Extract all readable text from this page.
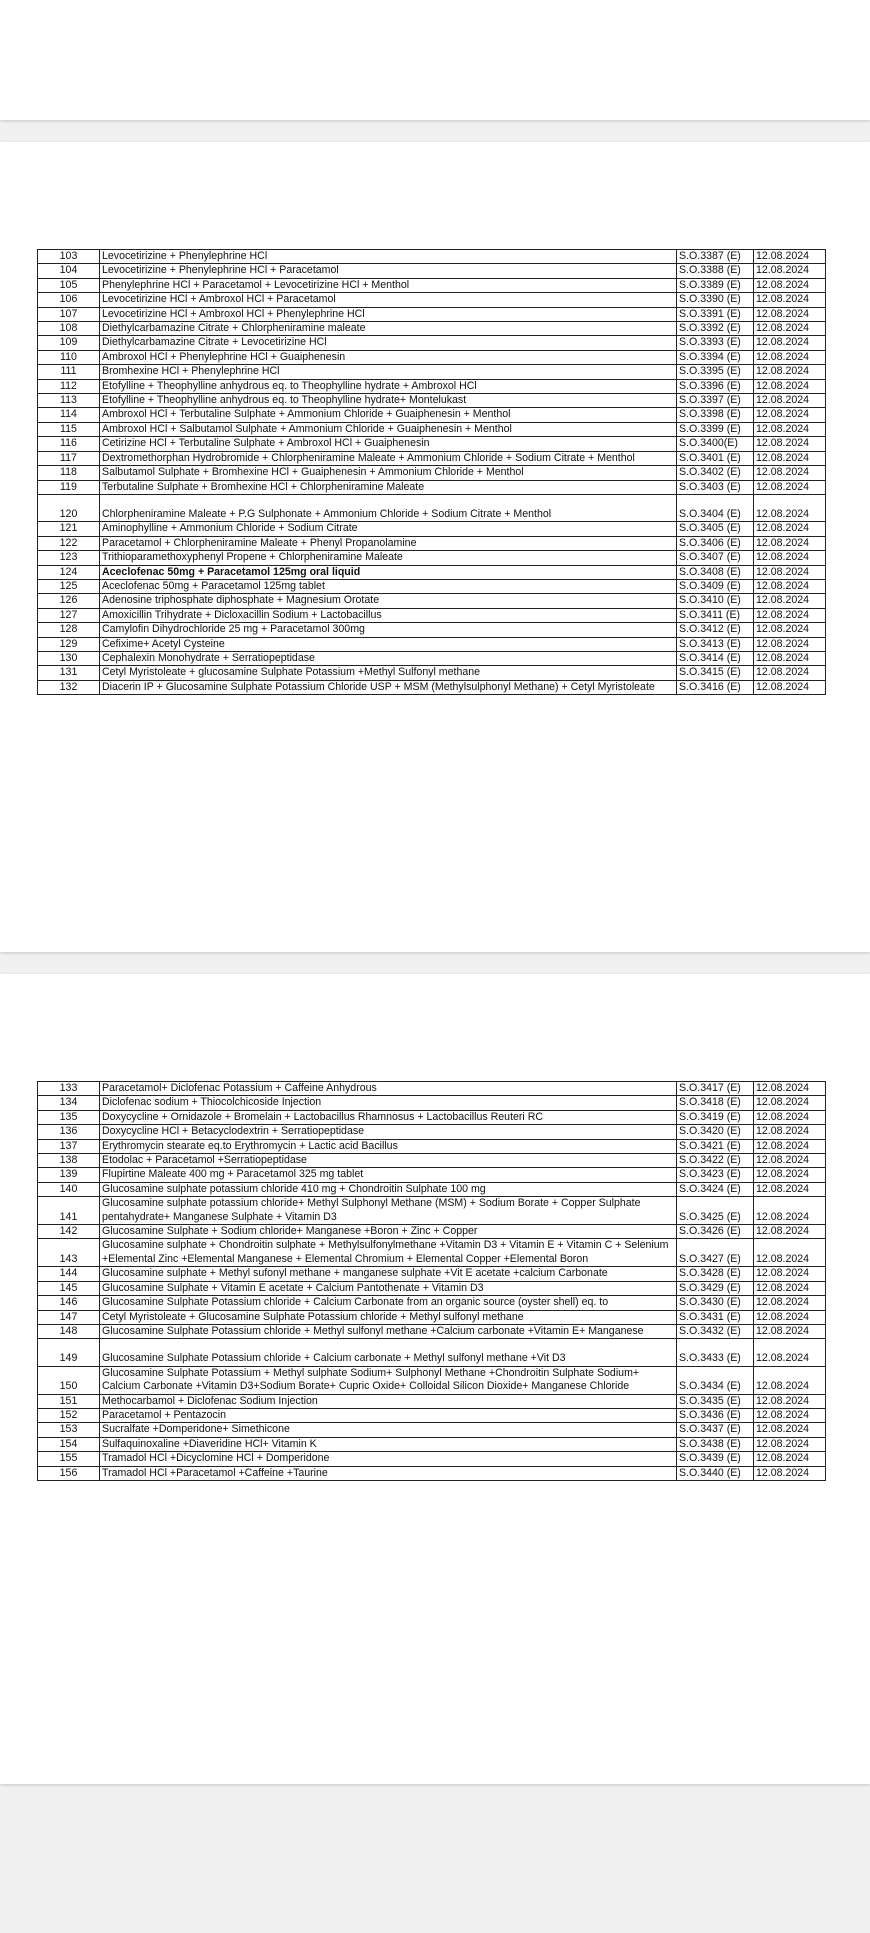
103	Levocetirizine + Phenylephrine HCl	S.O.3387 (E)	12.08.2024
104	Levocetirizine + Phenylephrine HCl + Paracetamol	S.O.3388 (E)	12.08.2024
105	Phenylephrine HCl + Paracetamol + Levocetirizine HCl + Menthol	S.O.3389 (E)	12.08.2024
106	Levocetirizine HCl + Ambroxol HCl + Paracetamol	S.O.3390 (E)	12.08.2024
107	Levocetirizine HCl + Ambroxol HCl + Phenylephrine HCl	S.O.3391 (E)	12.08.2024
108	Diethylcarbamazine Citrate + Chlorpheniramine maleate	S.O.3392 (E)	12.08.2024
109	Diethylcarbamazine Citrate + Levocetirizine HCl	S.O.3393 (E)	12.08.2024
110	Ambroxol HCl + Phenylephrine HCl + Guaiphenesin	S.O.3394 (E)	12.08.2024
111	Bromhexine HCl + Phenylephrine HCl	S.O.3395 (E)	12.08.2024
112	Etofylline + Theophylline anhydrous eq. to Theophylline hydrate + Ambroxol HCl	S.O.3396 (E)	12.08.2024
113	Etofylline + Theophylline anhydrous eq. to Theophylline hydrate+ Montelukast	S.O.3397 (E)	12.08.2024
114	Ambroxol HCl + Terbutaline Sulphate + Ammonium Chloride + Guaiphenesin + Menthol	S.O.3398 (E)	12.08.2024
115	Ambroxol HCl + Salbutamol Sulphate + Ammonium Chloride + Guaiphenesin + Menthol	S.O.3399 (E)	12.08.2024
116	Cetirizine HCl + Terbutaline Sulphate + Ambroxol HCl + Guaiphenesin	S.O.3400(E)	12.08.2024
117	Dextromethorphan Hydrobromide + Chlorpheniramine Maleate + Ammonium Chloride + Sodium Citrate + Menthol	S.O.3401 (E)	12.08.2024
118	Salbutamol Sulphate + Bromhexine HCl + Guaiphenesin + Ammonium Chloride + Menthol	S.O.3402 (E)	12.08.2024
119	Terbutaline Sulphate + Bromhexine HCl + Chlorpheniramine Maleate	S.O.3403 (E)	12.08.2024
120	Chlorpheniramine Maleate + P.G Sulphonate + Ammonium Chloride + Sodium Citrate + Menthol	S.O.3404 (E)	12.08.2024
121	Aminophylline + Ammonium Chloride + Sodium Citrate	S.O.3405 (E)	12.08.2024
122	Paracetamol + Chlorpheniramine Maleate + Phenyl Propanolamine	S.O.3406 (E)	12.08.2024
123	Trithioparamethoxyphenyl Propene + Chlorpheniramine Maleate	S.O.3407 (E)	12.08.2024
124	Aceclofenac 50mg + Paracetamol 125mg oral liquid	S.O.3408 (E)	12.08.2024
125	Aceclofenac 50mg + Paracetamol 125mg tablet	S.O.3409 (E)	12.08.2024
126	Adenosine triphosphate diphosphate + Magnesium Orotate	S.O.3410 (E)	12.08.2024
127	Amoxicillin Trihydrate + Dicloxacillin Sodium + Lactobacillus	S.O.3411 (E)	12.08.2024
128	Camylofin Dihydrochloride 25 mg + Paracetamol 300mg	S.O.3412 (E)	12.08.2024
129	Cefixime+ Acetyl Cysteine	S.O.3413 (E)	12.08.2024
130	Cephalexin Monohydrate + Serratiopeptidase	S.O.3414 (E)	12.08.2024
131	Cetyl Myristoleate + glucosamine Sulphate Potassium +Methyl Sulfonyl methane	S.O.3415 (E)	12.08.2024
132	Diacerin IP + Glucosamine Sulphate Potassium Chloride USP + MSM (Methylsulphonyl Methane) + Cetyl Myristoleate	S.O.3416 (E)	12.08.2024
133	Paracetamol+ Diclofenac Potassium + Caffeine Anhydrous	S.O.3417 (E)	12.08.2024
134	Diclofenac sodium + Thiocolchicoside Injection	S.O.3418 (E)	12.08.2024
135	Doxycycline + Ornidazole + Bromelain + Lactobacillus Rhamnosus + Lactobacillus Reuteri RC	S.O.3419 (E)	12.08.2024
136	Doxycycline HCl + Betacyclodextrin + Serratiopeptidase	S.O.3420 (E)	12.08.2024
137	Erythromycin stearate eq.to Erythromycin + Lactic acid Bacillus	S.O.3421 (E)	12.08.2024
138	Etodolac + Paracetamol +Serratiopeptidase	S.O.3422 (E)	12.08.2024
139	Flupirtine Maleate 400 mg + Paracetamol 325 mg tablet	S.O.3423 (E)	12.08.2024
140	Glucosamine sulphate potassium chloride 410 mg + Chondroitin Sulphate 100 mg	S.O.3424 (E)	12.08.2024
141	Glucosamine sulphate potassium chloride+ Methyl Sulphonyl Methane (MSM) + Sodium Borate + Copper Sulphate pentahydrate+ Manganese Sulphate + Vitamin D3	S.O.3425 (E)	12.08.2024
142	Glucosamine Sulphate + Sodium chloride+ Manganese +Boron + Zinc + Copper	S.O.3426 (E)	12.08.2024
143	Glucosamine sulphate + Chondroitin sulphate + Methylsulfonylmethane +Vitamin D3 + Vitamin E + Vitamin C + Selenium +Elemental Zinc +Elemental Manganese + Elemental Chromium + Elemental Copper +Elemental Boron	S.O.3427 (E)	12.08.2024
144	Glucosamine sulphate + Methyl sufonyl methane + manganese sulphate +Vit E acetate +calcium Carbonate	S.O.3428 (E)	12.08.2024
145	Glucosamine Sulphate + Vitamin E acetate + Calcium Pantothenate + Vitamin D3	S.O.3429 (E)	12.08.2024
146	Glucosamine Sulphate Potassium chloride + Calcium Carbonate from an organic source (oyster shell) eq. to	S.O.3430 (E)	12.08.2024
147	Cetyl Myristoleate + Glucosamine Sulphate Potassium chloride + Methyl sulfonyl methane	S.O.3431 (E)	12.08.2024
148	Glucosamine Sulphate Potassium chloride + Methyl sulfonyl methane +Calcium carbonate +Vitamin E+ Manganese	S.O.3432 (E)	12.08.2024
149	Glucosamine Sulphate Potassium chloride + Calcium carbonate + Methyl sulfonyl methane +Vit D3	S.O.3433 (E)	12.08.2024
150	Glucosamine Sulphate Potassium + Methyl sulphate Sodium+ Sulphonyl Methane +Chondroitin Sulphate Sodium+ Calcium Carbonate +Vitamin D3+Sodium Borate+ Cupric Oxide+ Colloidal Silicon Dioxide+ Manganese Chloride	S.O.3434 (E)	12.08.2024
151	Methocarbamol + Diclofenac Sodium Injection	S.O.3435 (E)	12.08.2024
152	Paracetamol + Pentazocin	S.O.3436 (E)	12.08.2024
153	Sucralfate +Domperidone+ Simethicone	S.O.3437 (E)	12.08.2024
154	Sulfaquinoxaline +Diaveridine HCl+ Vitamin K	S.O.3438 (E)	12.08.2024
155	Tramadol HCl +Dicyclomine HCl + Domperidone	S.O.3439 (E)	12.08.2024
156	Tramadol HCl +Paracetamol +Caffeine +Taurine	S.O.3440 (E)	12.08.2024
